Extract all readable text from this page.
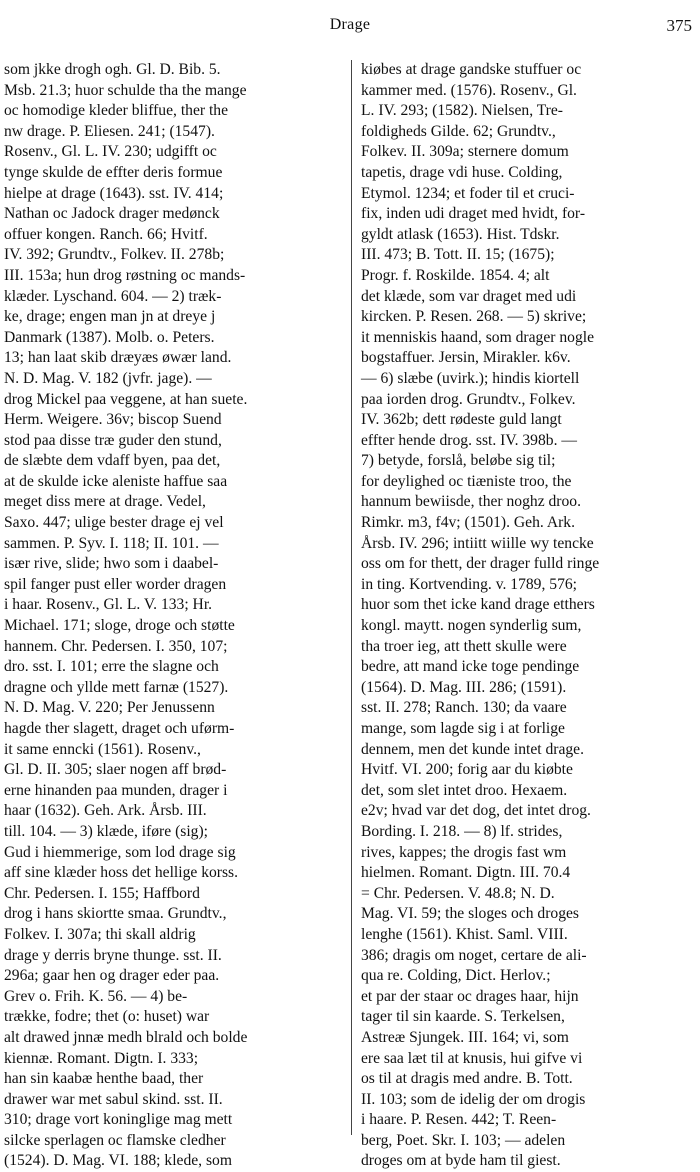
Drage	375
som jkke drogh ogh. Gl. D. Bib. 5.
Msb. 21.3; huor schulde tha the mange
oc homodige kleder bliffue, ther the
nw drage. P. Eliesen. 241; (1547).
Rosenv., Gl. L. IV. 230; udgifft oc
tynge skulde de effter deris formue
hielpe at drage (1643). sst. IV. 414;
Nathan oc Jadock drager medønck
offuer kongen. Ranch. 66; Hvitf.
IV. 392; Grundtv., Folkev. II. 278b;
III. 153a; hun drog røstning oc mands-
klæder. Lyschand. 604. — 2) træk-
ke, drage; engen man jn at dreye j
Danmark (1387). Molb. o. Peters.
13; han laat skib dræyæs øwær land.
N. D. Mag. V. 182 (jvfr. jage). —
drog Mickel paa veggene, at han suete.
Herm. Weigere. 36v; biscop Suend
stod paa disse træ guder den stund,
de slæbte dem vdaff byen, paa det,
at de skulde icke aleniste haffue saa
meget diss mere at drage. Vedel,
Saxo. 447; ulige bester drage ej vel
sammen. P. Syv. I. 118; II. 101. —
især rive, slide; hwo som i daabel-
spil fanger pust eller worder dragen
i haar. Rosenv., Gl. L. V. 133; Hr.
Michael. 171; sloge, droge och støtte
hannem. Chr. Pedersen. I. 350, 107;
dro. sst. I. 101; erre the slagne och
dragne och yllde mett farnæ (1527).
N. D. Mag. V. 220; Per Jenussenn
hagde ther slagett, draget och uførm-
it same enncki (1561). Rosenv.,
Gl. D. II. 305; slaer nogen aff brød-
erne hinanden paa munden, drager i
haar (1632). Geh. Ark. Årsb. III.
till. 104. — 3) klæde, iføre (sig);
Gud i hiemmerige, som lod drage sig
aff sine klæder hoss det hellige korss.
Chr. Pedersen. I. 155; Haffbord
drog i hans skiortte smaa. Grundtv.,
Folkev. I. 307a; thi skall aldrig
drage y derris bryne thunge. sst. II.
296a; gaar hen og drager eder paa.
Grev o. Frih. K. 56. — 4) be-
trække, fodre; thet (o: huset) war
alt drawed jnnæ medh blrald och bolde
kiennæ. Romant. Digtn. I. 333;
han sin kaabæ henthe baad, ther
drawer war met sabul skind. sst. II.
310; drage vort koninglige mag mett
silcke sperlagen oc flamske cledher
(1524). D. Mag. VI. 188; klede, som
kiøbes at drage gandske stuffuer oc
kammer med. (1576). Rosenv., Gl.
L. IV. 293; (1582). Nielsen, Tre-
foldigheds Gilde. 62; Grundtv.,
Folkev. II. 309a; sternere domum
tapetis, drage vdi huse. Colding,
Etymol. 1234; et foder til et cruci-
fix, inden udi draget med hvidt, for-
gyldt atlask (1653). Hist. Tdskr.
III. 473; B. Tott. II. 15; (1675);
Progr. f. Roskilde. 1854. 4; alt
det klæde, som var draget med udi
kircken. P. Resen. 268. — 5) skrive;
it menniskis haand, som drager nogle
bogstaffuer. Jersin, Mirakler. k6v.
— 6) slæbe (uvirk.); hindis kiortell
paa iorden drog. Grundtv., Folkev.
IV. 362b; dett rødeste guld langt
effter hende drog. sst. IV. 398b. —
7) betyde, forslå, beløbe sig til;
for deylighed oc tiæniste troo, the
hannum bewiisde, ther noghz droo.
Rimkr. m3, f4v; (1501). Geh. Ark.
Årsb. IV. 296; intiitt wiille wy tencke
oss om for thett, der drager fulld ringe
in ting. Kortvending. v. 1789, 576;
huor som thet icke kand drage etthers
kongl. maytt. nogen synderlig sum,
tha troer ieg, att thett skulle were
bedre, att mand icke toge pendinge
(1564). D. Mag. III. 286; (1591).
sst. II. 278; Ranch. 130; da vaare
mange, som lagde sig i at forlige
dennem, men det kunde intet drage.
Hvitf. VI. 200; forig aar du kiøbte
det, som slet intet droo. Hexaem.
e2v; hvad var det dog, det intet drog.
Bording. I. 218. — 8) lf. strides,
rives, kappes; the drogis fast wm
hielmen. Romant. Digtn. III. 70.4
= Chr. Pedersen. V. 48.8; N. D.
Mag. VI. 59; the sloges och droges
lenghe (1561). Khist. Saml. VIII.
386; dragis om noget, certare de ali-
qua re. Colding, Dict. Herlov.;
et par der staar oc drages haar, hijn
tager til sin kaarde. S. Terkelsen,
Astreæ Sjungek. III. 164; vi, som
ere saa læt til at knusis, hui gifve vi
os til at dragis med andre. B. Tott.
II. 103; som de idelig der om drogis
i haare. P. Resen. 442; T. Reen-
berg, Poet. Skr. I. 103; — adelen
droges om at byde ham til giest.
